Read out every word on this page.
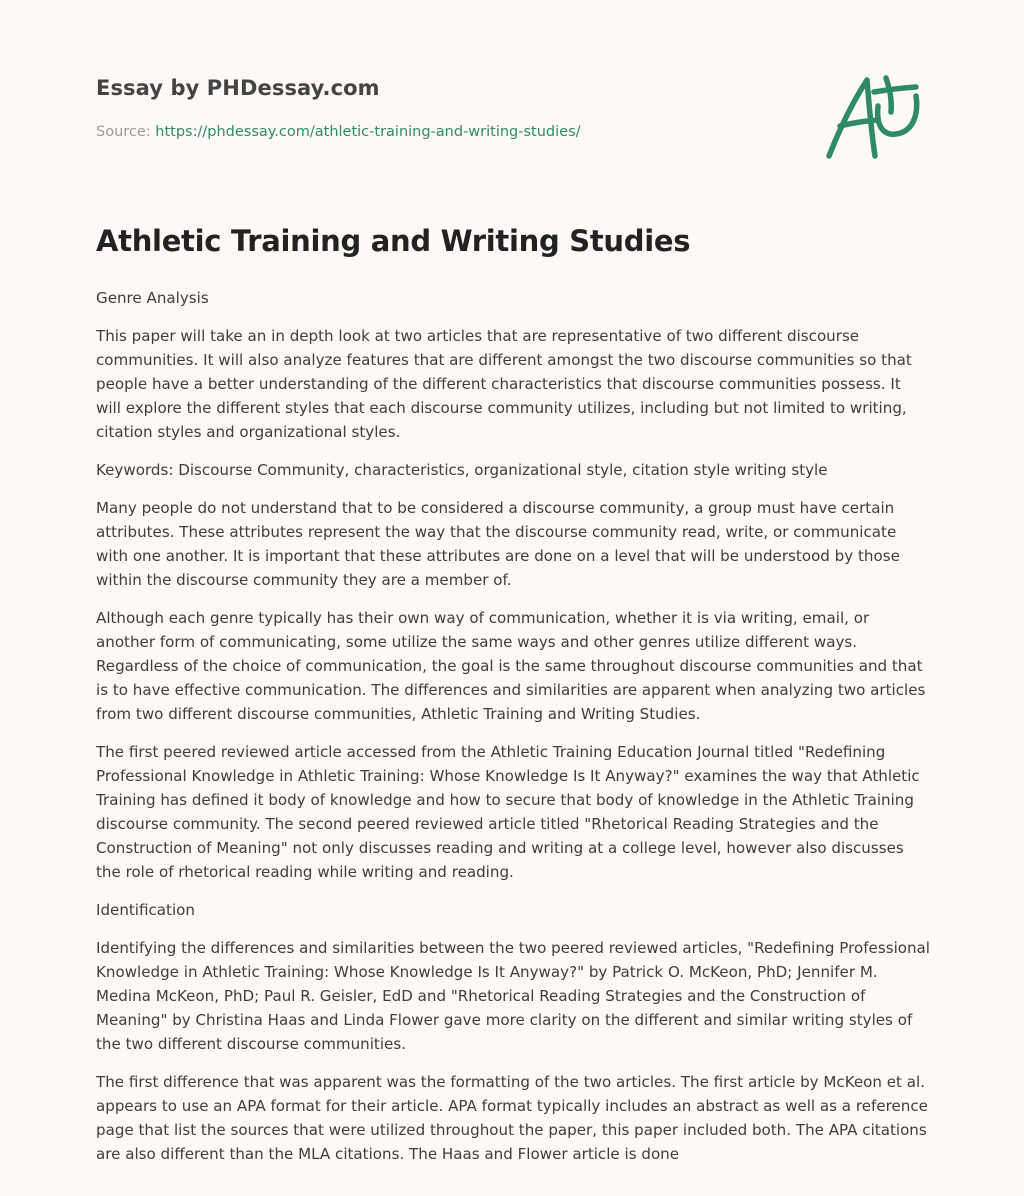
Essay by PHDessay.com
Source: https://phdessay.com/athletic-training-and-writing-studies/
Athletic Training and Writing Studies

Genre Analysis

This paper will take an in depth look at two articles that are representative of two different discourse communities. It will also analyze features that are different amongst the two discourse communities so that people have a better understanding of the different characteristics that discourse communities possess. It will explore the different styles that each discourse community utilizes, including but not limited to writing, citation styles and organizational styles.

Keywords: Discourse Community, characteristics, organizational style, citation style writing style

Many people do not understand that to be considered a discourse community, a group must have certain attributes. These attributes represent the way that the discourse community read, write, or communicate with one another. It is important that these attributes are done on a level that will be understood by those within the discourse community they are a member of.

Although each genre typically has their own way of communication, whether it is via writing, email, or another form of communicating, some utilize the same ways and other genres utilize different ways. Regardless of the choice of communication, the goal is the same throughout discourse communities and that is to have effective communication. The differences and similarities are apparent when analyzing two articles from two different discourse communities, Athletic Training and Writing Studies.

The first peered reviewed article accessed from the Athletic Training Education Journal titled "Redefining Professional Knowledge in Athletic Training: Whose Knowledge Is It Anyway?" examines the way that Athletic Training has defined it body of knowledge and how to secure that body of knowledge in the Athletic Training discourse community. The second peered reviewed article titled "Rhetorical Reading Strategies and the Construction of Meaning" not only discusses reading and writing at a college level, however also discusses the role of rhetorical reading while writing and reading.

Identification

Identifying the differences and similarities between the two peered reviewed articles, "Redefining Professional Knowledge in Athletic Training: Whose Knowledge Is It Anyway?" by Patrick O. McKeon, PhD; Jennifer M. Medina McKeon, PhD; Paul R. Geisler, EdD and "Rhetorical Reading Strategies and the Construction of Meaning" by Christina Haas and Linda Flower gave more clarity on the different and similar writing styles of the two different discourse communities.

The first difference that was apparent was the formatting of the two articles. The first article by McKeon et al. appears to use an APA format for their article. APA format typically includes an abstract as well as a reference page that list the sources that were utilized throughout the paper, this paper included both. The APA citations are also different than the MLA citations. The Haas and Flower article is done
